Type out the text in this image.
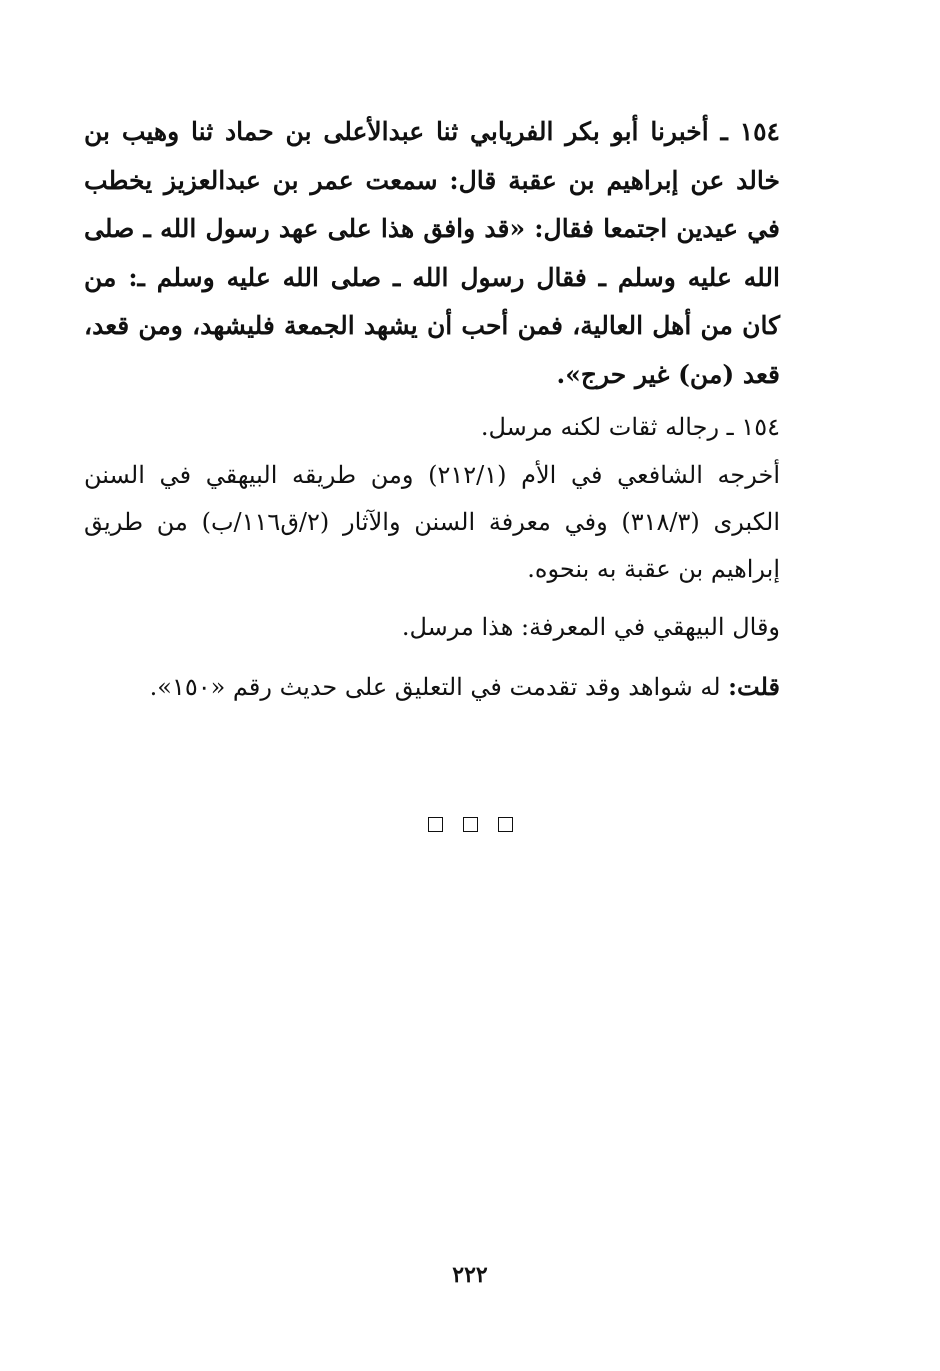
١٥٤ ـ أخبرنا أبو بكر الفريابي ثنا عبدالأعلى بن حماد ثنا وهيب بن خالد عن إبراهيم بن عقبة قال: سمعت عمر بن عبدالعزيز يخطب في عيدين اجتمعا فقال: «قد وافق هذا على عهد رسول الله ـ صلى الله عليه وسلم ـ فقال رسول الله ـ صلى الله عليه وسلم ـ: من كان من أهل العالية، فمن أحب أن يشهد الجمعة فليشهد، ومن قعد، قعد (من) غير حرج».

١٥٤ ـ رجاله ثقات لكنه مرسل.

أخرجه الشافعي في الأم (٢١٢/١) ومن طريقه البيهقي في السنن الكبرى (٣١٨/٣) وفي معرفة السنن والآثار (٢/ق١١٦/ب) من طريق إبراهيم بن عقبة به بنحوه.

وقال البيهقي في المعرفة: هذا مرسل.

قلت: له شواهد وقد تقدمت في التعليق على حديث رقم «١٥٠».

٢٢٢
